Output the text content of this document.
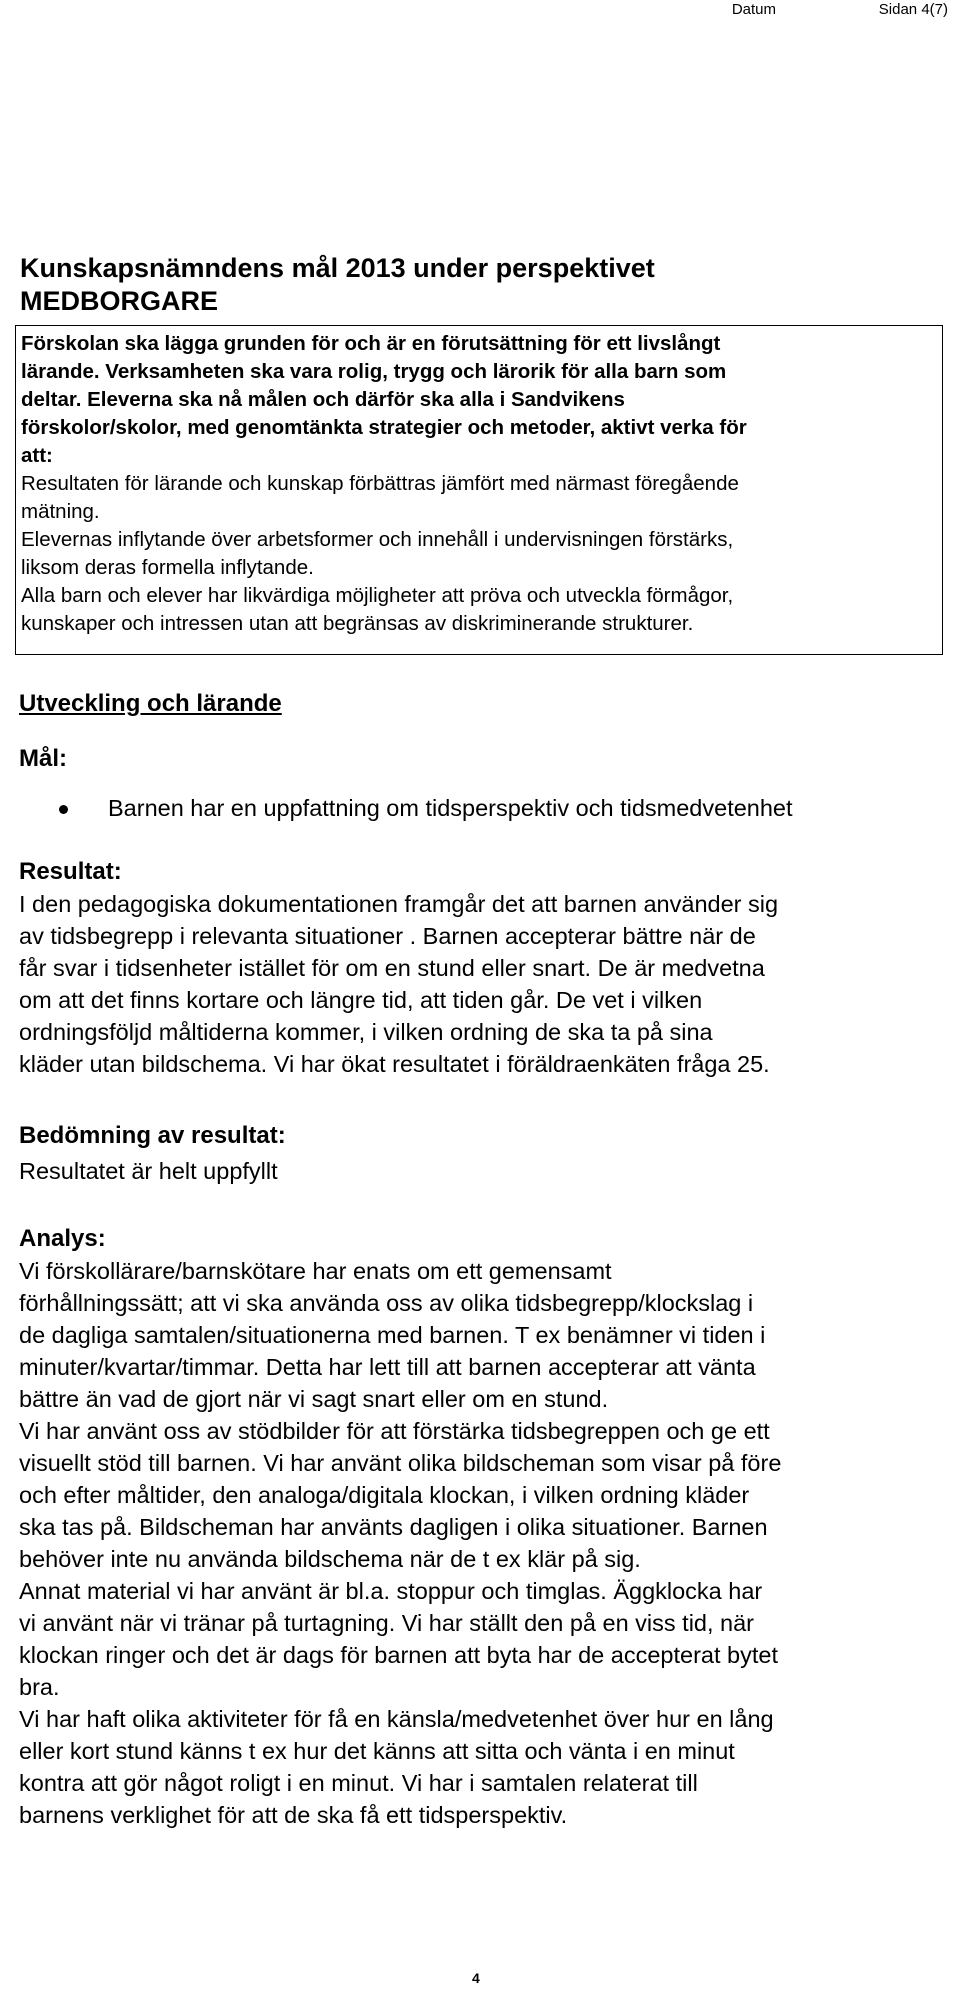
Datum	Sidan 4(7)
Kunskapsnämndens mål 2013 under perspektivet
MEDBORGARE

Förskolan ska lägga grunden för och är en förutsättning för ett livslångt

lärande. Verksamheten ska vara rolig, trygg och lärorik för alla barn som

deltar. Eleverna ska nå målen och därför ska alla i Sandvikens

förskolor/skolor, med genomtänkta strategier och metoder, aktivt verka för

att:

Resultaten för lärande och kunskap förbättras jämfört med närmast föregående

mätning.

Elevernas inflytande över arbetsformer och innehåll i undervisningen förstärks,

liksom deras formella inflytande.

Alla barn och elever har likvärdiga möjligheter att pröva och utveckla förmågor,

kunskaper och intressen utan att begränsas av diskriminerande strukturer.

Utveckling och lärande
Mål:
Barnen har en uppfattning om tidsperspektiv och tidsmedvetenhet
Resultat:

I den pedagogiska dokumentationen framgår det att barnen använder sig

av tidsbegrepp i relevanta situationer . Barnen accepterar bättre när de

får svar i tidsenheter istället för om en stund eller snart. De är medvetna

om att det finns kortare och längre tid, att tiden går. De vet i vilken

ordningsföljd måltiderna kommer, i vilken ordning de ska ta på sina

kläder utan bildschema. Vi har ökat resultatet i föräldraenkäten fråga 25.

Bedömning av resultat:

Resultatet är helt uppfyllt

Analys:

Vi förskollärare/barnskötare har enats om ett gemensamt

förhållningssätt; att vi ska använda oss av olika tidsbegrepp/klockslag i

de dagliga samtalen/situationerna med barnen. T ex benämner vi tiden i

minuter/kvartar/timmar. Detta har lett till att barnen accepterar att vänta

bättre än vad de gjort när vi sagt snart eller om en stund.

Vi har använt oss av stödbilder för att förstärka tidsbegreppen och ge ett

visuellt stöd till barnen. Vi har använt olika bildscheman som visar på före

och efter måltider, den analoga/digitala klockan, i vilken ordning kläder

ska tas på. Bildscheman har använts dagligen i olika situationer. Barnen

behöver inte nu använda bildschema när de t ex klär på sig.

Annat material vi har använt är bl.a. stoppur och timglas. Äggklocka har

vi använt när vi tränar på turtagning. Vi har ställt den på en viss tid, när

klockan ringer och det är dags för barnen att byta har de accepterat bytet

bra.

Vi har haft olika aktiviteter för få en känsla/medvetenhet över hur en lång

eller kort stund känns t ex hur det känns att sitta och vänta i en minut

kontra att gör något roligt i en minut. Vi har i samtalen relaterat till

barnens verklighet för att de ska få ett tidsperspektiv.

4
